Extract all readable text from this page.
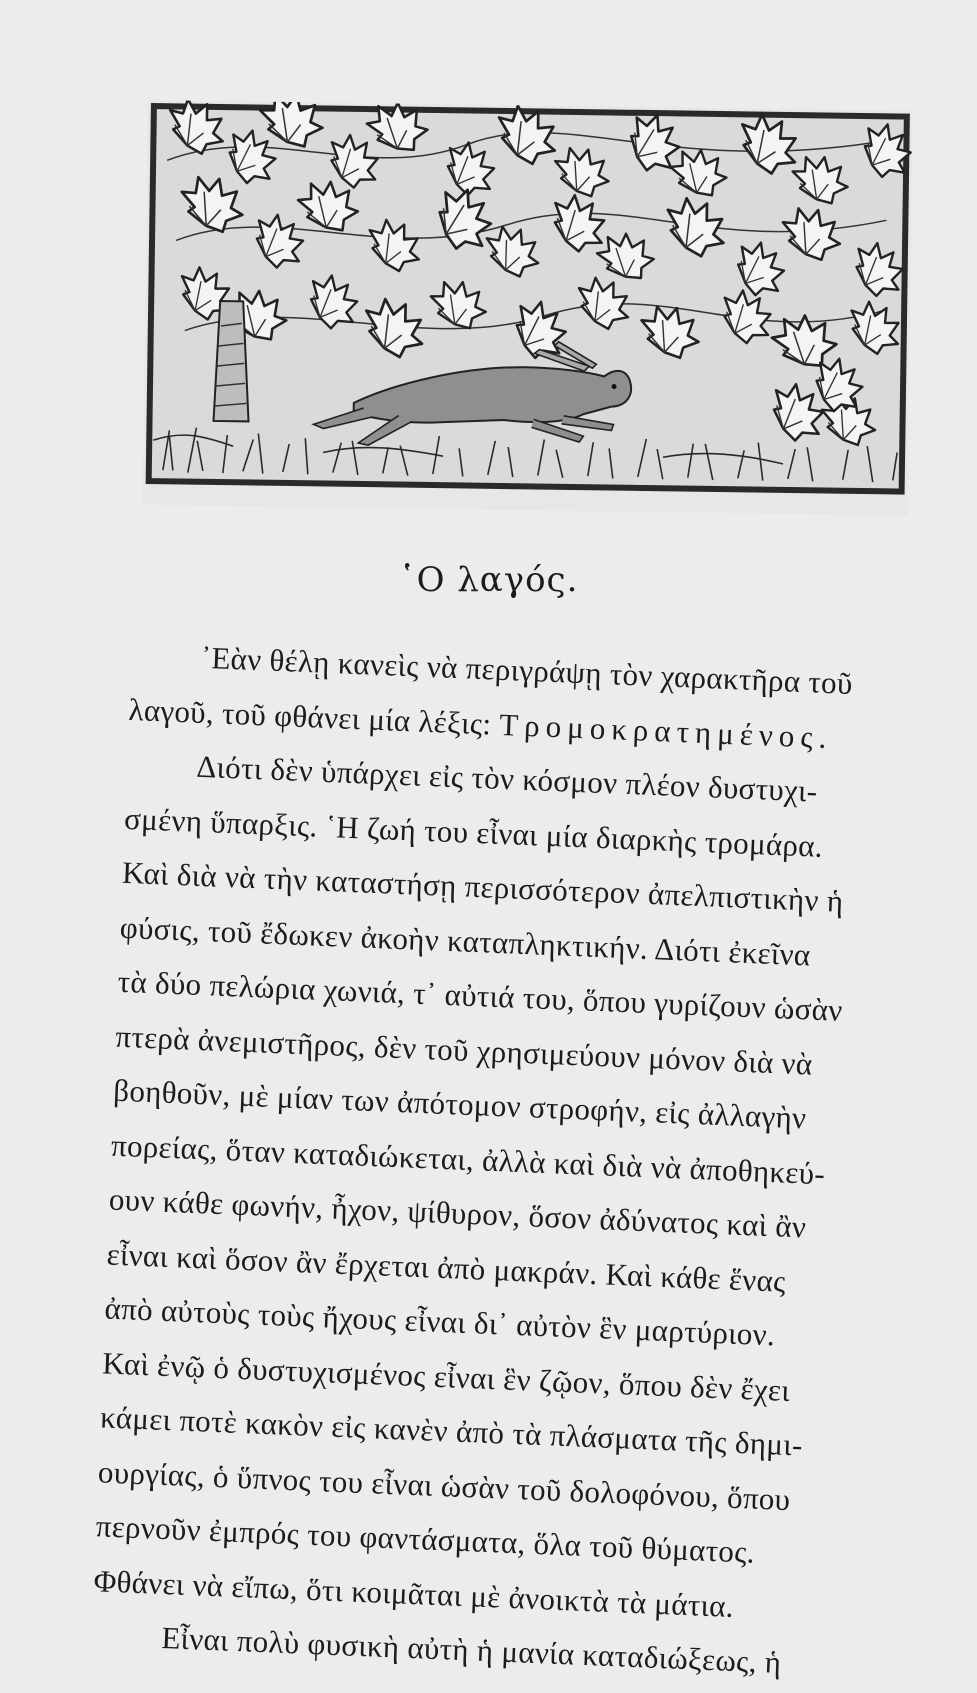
῾Ο λαγός.
᾿Εὰν θέλῃ κανεὶς νὰ περιγράψῃ τὸν χαρακτῆρα τοῦ
λαγοῦ, τοῦ φθάνει μία λέξις: Τρομοκρατημένος.
Διότι δὲν ὑπάρχει εἰς τὸν κόσμον πλέον δυστυχι-
σμένη ὕπαρξις. ῾Η ζωή του εἶναι μία διαρκὴς τρομάρα.
Καὶ διὰ νὰ τὴν καταστήσῃ περισσότερον ἀπελπιστικὴν ἡ
φύσις, τοῦ ἔδωκεν ἀκοὴν καταπληκτικήν. Διότι ἐκεῖνα
τὰ δύο πελώρια χωνιά, τ᾿ αὐτιά του, ὅπου γυρίζουν ὡσὰν
πτερὰ ἀνεμιστῆρος, δὲν τοῦ χρησιμεύουν μόνον διὰ νὰ
βοηθοῦν, μὲ μίαν των ἀπότομον στροφήν, εἰς ἀλλαγὴν
πορείας, ὅταν καταδιώκεται, ἀλλὰ καὶ διὰ νὰ ἀποθηκεύ-
ουν κάθε φωνήν, ἦχον, ψίθυρον, ὅσον ἀδύνατος καὶ ἂν
εἶναι καὶ ὅσον ἂν ἔρχεται ἀπὸ μακράν. Καὶ κάθε ἕνας
ἀπὸ αὐτοὺς τοὺς ἤχους εἶναι δι᾿ αὐτὸν ἓν μαρτύριον.
Καὶ ἐνῷ ὁ δυστυχισμένος εἶναι ἓν ζῷον, ὅπου δὲν ἔχει
κάμει ποτὲ κακὸν εἰς κανὲν ἀπὸ τὰ πλάσματα τῆς δημι-
ουργίας, ὁ ὕπνος του εἶναι ὡσὰν τοῦ δολοφόνου, ὅπου
περνοῦν ἐμπρός του φαντάσματα, ὅλα τοῦ θύματος.
Φθάνει νὰ εἴπω, ὅτι κοιμᾶται μὲ ἀνοικτὰ τὰ μάτια.
Εἶναι πολὺ φυσικὴ αὐτὴ ἡ μανία καταδιώξεως, ἡ
